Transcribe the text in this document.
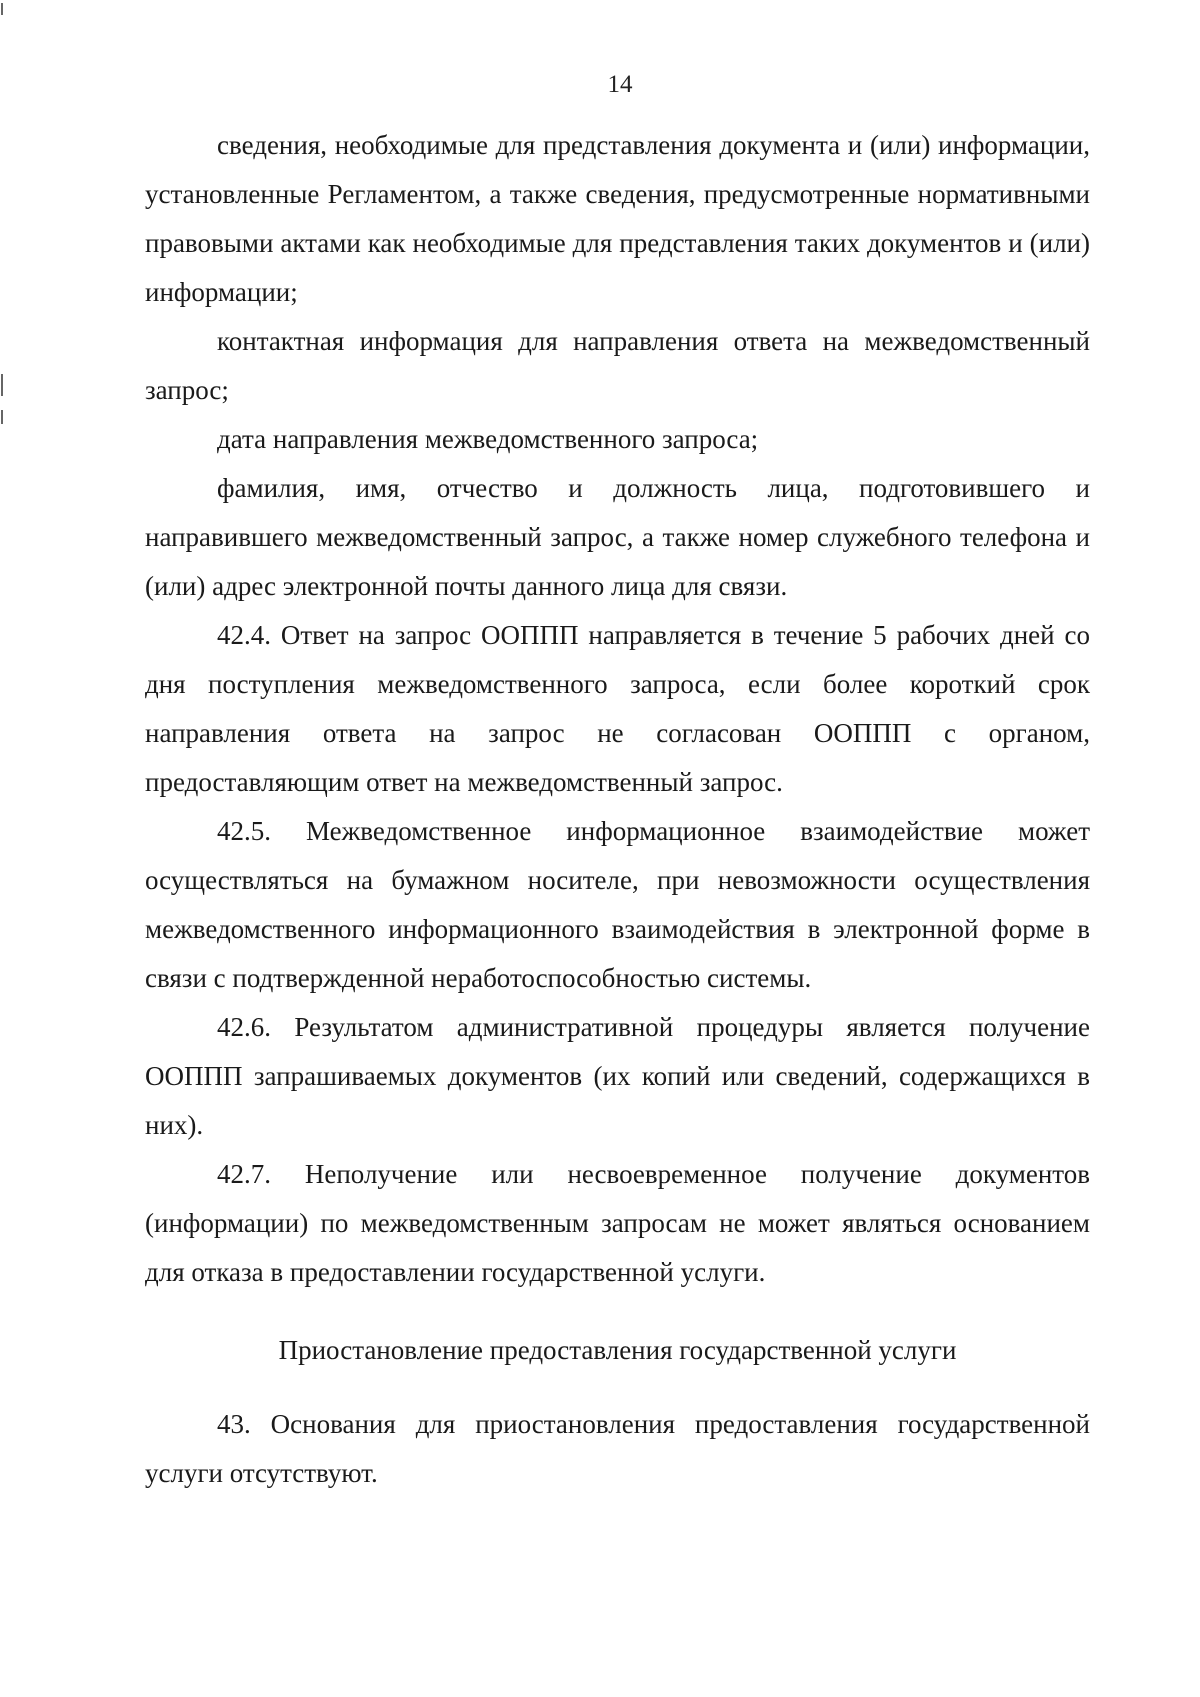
14

сведения, необходимые для представления документа и (или) информации, установленные Регламентом, а также сведения, предусмотренные нормативными правовыми актами как необходимые для представления таких документов и (или) информации;

контактная информация для направления ответа на межведомственный запрос;

дата направления межведомственного запроса;

фамилия, имя, отчество и должность лица, подготовившего и направившего межведомственный запрос, а также номер служебного телефона и (или) адрес электронной почты данного лица для связи.

42.4. Ответ на запрос ООППП направляется в течение 5 рабочих дней со дня поступления межведомственного запроса, если более короткий срок направления ответа на запрос не согласован ООППП с органом, предоставляющим ответ на межведомственный запрос.

42.5. Межведомственное информационное взаимодействие может осуществляться на бумажном носителе, при невозможности осуществления межведомственного информационного взаимодействия в электронной форме в связи с подтвержденной неработоспособностью системы.

42.6. Результатом административной процедуры является получение ООППП запрашиваемых документов (их копий или сведений, содержащихся в них).

42.7. Неполучение или несвоевременное получение документов (информации) по межведомственным запросам не может являться основанием для отказа в предоставлении государственной услуги.

Приостановление предоставления государственной услуги

43. Основания для приостановления предоставления государственной услуги отсутствуют.
